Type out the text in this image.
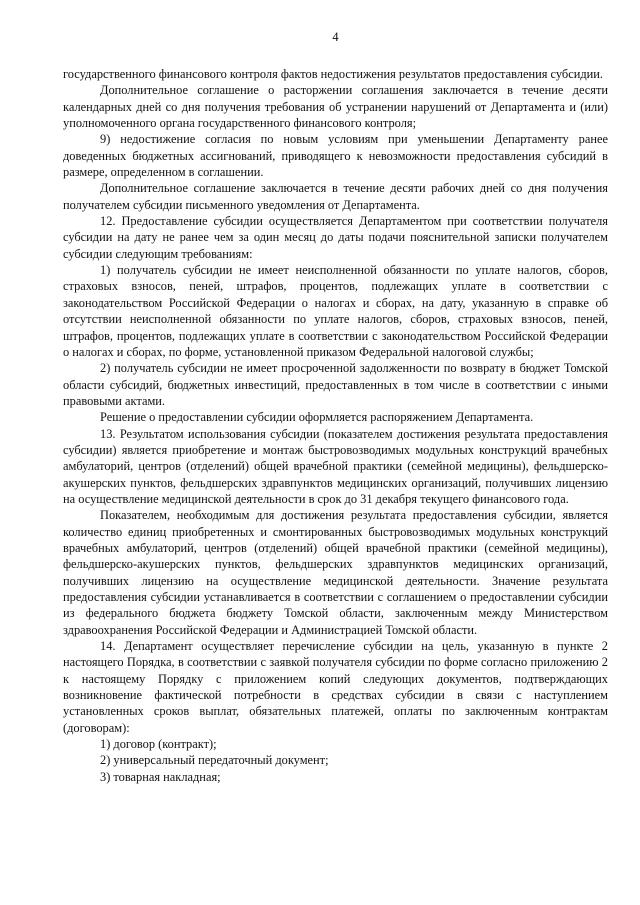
4

государственного финансового контроля фактов недостижения результатов предоставления субсидии.

Дополнительное соглашение о расторжении соглашения заключается в течение десяти календарных дней со дня получения требования об устранении нарушений от Департамента и (или) уполномоченного органа государственного финансового контроля;

9) недостижение согласия по новым условиям при уменьшении Департаменту ранее доведенных бюджетных ассигнований, приводящего к невозможности предоставления субсидий в размере, определенном в соглашении.

Дополнительное соглашение заключается в течение десяти рабочих дней со дня получения получателем субсидии письменного уведомления от Департамента.

12. Предоставление субсидии осуществляется Департаментом при соответствии получателя субсидии на дату не ранее чем за один месяц до даты подачи пояснительной записки получателем субсидии следующим требованиям:

1) получатель субсидии не имеет неисполненной обязанности по уплате налогов, сборов, страховых взносов, пеней, штрафов, процентов, подлежащих уплате в соответствии с законодательством Российской Федерации о налогах и сборах, на дату, указанную в справке об отсутствии неисполненной обязанности по уплате налогов, сборов, страховых взносов, пеней, штрафов, процентов, подлежащих уплате в соответствии с законодательством Российской Федерации о налогах и сборах, по форме, установленной приказом Федеральной налоговой службы;

2) получатель субсидии не имеет просроченной задолженности по возврату в бюджет Томской области субсидий, бюджетных инвестиций, предоставленных в том числе в соответствии с иными правовыми актами.

Решение о предоставлении субсидии оформляется распоряжением Департамента.

13. Результатом использования субсидии (показателем достижения результата предоставления субсидии) является приобретение и монтаж быстровозводимых модульных конструкций врачебных амбулаторий, центров (отделений) общей врачебной практики (семейной медицины), фельдшерско-акушерских пунктов, фельдшерских здравпунктов медицинских организаций, получивших лицензию на осуществление медицинской деятельности в срок до 31 декабря текущего финансового года.

Показателем, необходимым для достижения результата предоставления субсидии, является количество единиц приобретенных и смонтированных быстровозводимых модульных конструкций врачебных амбулаторий, центров (отделений) общей врачебной практики (семейной медицины), фельдшерско-акушерских пунктов, фельдшерских здравпунктов медицинских организаций, получивших лицензию на осуществление медицинской деятельности. Значение результата предоставления субсидии устанавливается в соответствии с соглашением о предоставлении субсидии из федерального бюджета бюджету Томской области, заключенным между Министерством здравоохранения Российской Федерации и Администрацией Томской области.

14. Департамент осуществляет перечисление субсидии на цель, указанную в пункте 2 настоящего Порядка, в соответствии с заявкой получателя субсидии по форме согласно приложению 2 к настоящему Порядку с приложением копий следующих документов, подтверждающих возникновение фактической потребности в средствах субсидии в связи с наступлением установленных сроков выплат, обязательных платежей, оплаты по заключенным контрактам (договорам):

1) договор (контракт);

2) универсальный передаточный документ;

3) товарная накладная;
